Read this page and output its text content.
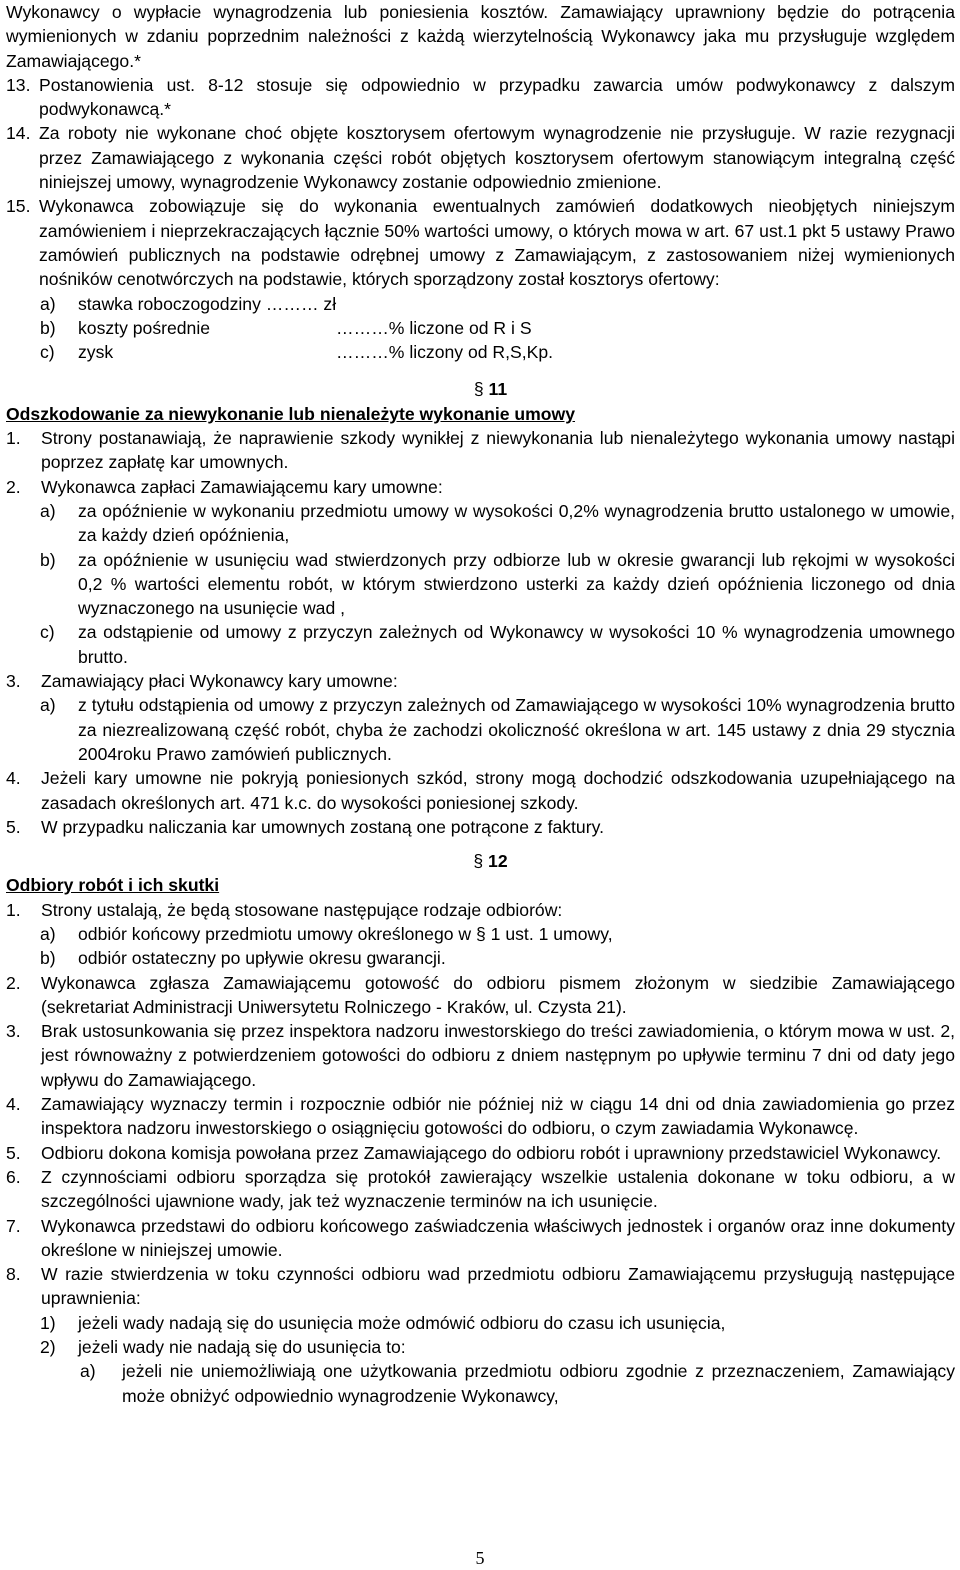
Wykonawcy o wypłacie wynagrodzenia lub poniesienia kosztów. Zamawiający uprawniony będzie do potrącenia wymienionych w zdaniu poprzednim należności z każdą wierzytelnością Wykonawcy jaka mu przysługuje względem Zamawiającego.*

13. Postanowienia ust. 8-12 stosuje się odpowiednio w przypadku zawarcia umów podwykonawcy z dalszym podwykonawcą.*

14. Za roboty nie wykonane choć objęte kosztorysem ofertowym wynagrodzenie nie przysługuje. W razie rezygnacji przez Zamawiającego z wykonania części robót objętych kosztorysem ofertowym stanowiącym integralną część niniejszej umowy, wynagrodzenie Wykonawcy zostanie odpowiednio zmienione.

15. Wykonawca zobowiązuje się do wykonania ewentualnych zamówień dodatkowych nieobjętych niniejszym zamówieniem i nieprzekraczających łącznie 50% wartości umowy, o których mowa w art. 67 ust.1 pkt 5 ustawy Prawo zamówień publicznych na podstawie odrębnej umowy z Zamawiającym, z zastosowaniem niżej wymienionych nośników cenotwórczych na podstawie, których sporządzony został kosztorys ofertowy:

a)	stawka roboczogodziny ……… zł
b)	koszty pośrednie	………% liczone od R i S
c)	zysk	………% liczony od R,S,Kp.

§ 11

Odszkodowanie za niewykonanie lub nienależyte wykonanie umowy

1.	Strony postanawiają, że naprawienie szkody wynikłej z niewykonania lub nienależytego wykonania umowy nastąpi poprzez zapłatę kar umownych.

2.	Wykonawca zapłaci Zamawiającemu kary umowne:

a)	za opóźnienie w wykonaniu przedmiotu umowy w wysokości 0,2% wynagrodzenia brutto ustalonego w umowie, za każdy dzień opóźnienia,

b)	za opóźnienie w usunięciu wad stwierdzonych przy odbiorze lub w okresie gwarancji lub rękojmi w wysokości 0,2 % wartości elementu robót, w którym stwierdzono usterki za każdy dzień opóźnienia liczonego od dnia wyznaczonego na usunięcie wad ,

c)	za odstąpienie od umowy z przyczyn zależnych od Wykonawcy w wysokości 10 % wynagrodzenia umownego brutto.

3.	Zamawiający płaci Wykonawcy kary umowne:

a)	z tytułu odstąpienia od umowy z przyczyn zależnych od Zamawiającego w wysokości 10% wynagrodzenia brutto za niezrealizowaną część robót, chyba że zachodzi okoliczność określona w art. 145 ustawy z dnia 29 stycznia 2004roku Prawo zamówień publicznych.

4.	Jeżeli kary umowne nie pokryją poniesionych szkód, strony mogą dochodzić odszkodowania uzupełniającego na zasadach określonych art. 471 k.c. do wysokości poniesionej szkody.

5.	W przypadku naliczania kar umownych zostaną one potrącone z faktury.

§ 12

Odbiory robót i ich skutki

1.	Strony ustalają, że będą stosowane następujące rodzaje odbiorów:

a)	odbiór końcowy przedmiotu umowy określonego w § 1 ust. 1 umowy,

b)	odbiór ostateczny po upływie okresu gwarancji.

2.	Wykonawca zgłasza Zamawiającemu gotowość do odbioru pismem złożonym w siedzibie Zamawiającego (sekretariat Administracji Uniwersytetu Rolniczego - Kraków, ul. Czysta 21).

3.	Brak ustosunkowania się przez inspektora nadzoru inwestorskiego do treści zawiadomienia, o którym mowa w ust. 2, jest równoważny z potwierdzeniem gotowości do odbioru z dniem następnym po upływie terminu 7 dni od daty jego wpływu do Zamawiającego.

4.	Zamawiający wyznaczy termin i rozpocznie odbiór nie później niż w ciągu 14 dni od dnia zawiadomienia go przez inspektora nadzoru inwestorskiego o osiągnięciu gotowości do odbioru, o czym zawiadamia Wykonawcę.

5.	Odbioru dokona komisja powołana przez Zamawiającego do odbioru robót i uprawniony przedstawiciel Wykonawcy.

6.	Z czynnościami odbioru sporządza się protokół zawierający wszelkie ustalenia dokonane w toku odbioru, a w szczególności ujawnione wady, jak też wyznaczenie terminów na ich usunięcie.

7.	Wykonawca przedstawi do odbioru końcowego zaświadczenia właściwych jednostek i organów oraz inne dokumenty określone w niniejszej umowie.

8.	W razie stwierdzenia w toku czynności odbioru wad przedmiotu odbioru Zamawiającemu przysługują następujące uprawnienia:

1)	jeżeli wady nadają się do usunięcia może odmówić odbioru do czasu ich usunięcia,

2)	jeżeli wady nie nadają się do usunięcia to:

a)	jeżeli nie uniemożliwiają one użytkowania przedmiotu odbioru zgodnie z przeznaczeniem, Zamawiający może obniżyć odpowiednio wynagrodzenie Wykonawcy,

5
